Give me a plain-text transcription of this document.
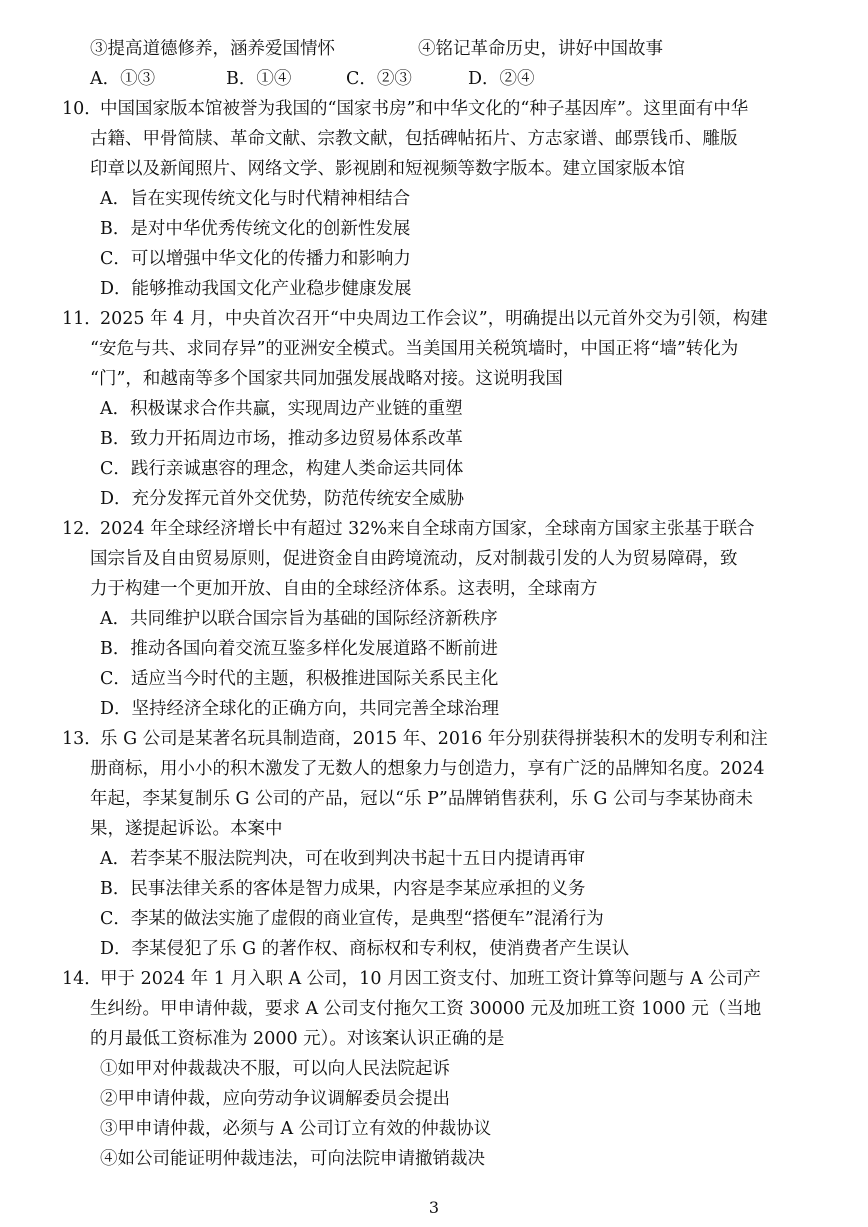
③提高道德修养，涵养爱国情怀	④铭记革命历史，讲好中国故事
A．①③	B．①④	C．②③	D．②④
10．
中国国家版本馆被誉为我国的“国家书房”和中华文化的“种子基因库”。这里面有中华
古籍、甲骨简牍、革命文献、宗教文献，包括碑帖拓片、方志家谱、邮票钱币、雕版
印章以及新闻照片、网络文学、影视剧和短视频等数字版本。建立国家版本馆
A．旨在实现传统文化与时代精神相结合
B．是对中华优秀传统文化的创新性发展
C．可以增强中华文化的传播力和影响力
D．能够推动我国文化产业稳步健康发展
11．
2025 年 4 月，中央首次召开“中央周边工作会议”，明确提出以元首外交为引领，构建
“安危与共、求同存异”的亚洲安全模式。当美国用关税筑墙时，中国正将“墙”转化为
“门”，和越南等多个国家共同加强发展战略对接。这说明我国
A．积极谋求合作共赢，实现周边产业链的重塑
B．致力开拓周边市场，推动多边贸易体系改革
C．践行亲诚惠容的理念，构建人类命运共同体
D．充分发挥元首外交优势，防范传统安全威胁
12．
2024 年全球经济增长中有超过 32%来自全球南方国家，全球南方国家主张基于联合
国宗旨及自由贸易原则，促进资金自由跨境流动，反对制裁引发的人为贸易障碍，致
力于构建一个更加开放、自由的全球经济体系。这表明，全球南方
A．共同维护以联合国宗旨为基础的国际经济新秩序
B．推动各国向着交流互鉴多样化发展道路不断前进
C．适应当今时代的主题，积极推进国际关系民主化
D．坚持经济全球化的正确方向，共同完善全球治理
13．
乐 G 公司是某著名玩具制造商，2015 年、2016 年分别获得拼装积木的发明专利和注
册商标，用小小的积木激发了无数人的想象力与创造力，享有广泛的品牌知名度。2024
年起，李某复制乐 G 公司的产品，冠以“乐 P”品牌销售获利，乐 G 公司与李某协商未
果，遂提起诉讼。本案中
A．若李某不服法院判决，可在收到判决书起十五日内提请再审
B．民事法律关系的客体是智力成果，内容是李某应承担的义务
C．李某的做法实施了虚假的商业宣传，是典型“搭便车”混淆行为
D．李某侵犯了乐 G 的著作权、商标权和专利权，使消费者产生误认
14．
甲于 2024 年 1 月入职 A 公司，10 月因工资支付、加班工资计算等问题与 A 公司产
生纠纷。甲申请仲裁，要求 A 公司支付拖欠工资 30000 元及加班工资 1000 元（当地
的月最低工资标准为 2000 元）。对该案认识正确的是
①如甲对仲裁裁决不服，可以向人民法院起诉
②甲申请仲裁，应向劳动争议调解委员会提出
③甲申请仲裁，必须与 A 公司订立有效的仲裁协议
④如公司能证明仲裁违法，可向法院申请撤销裁决
3
